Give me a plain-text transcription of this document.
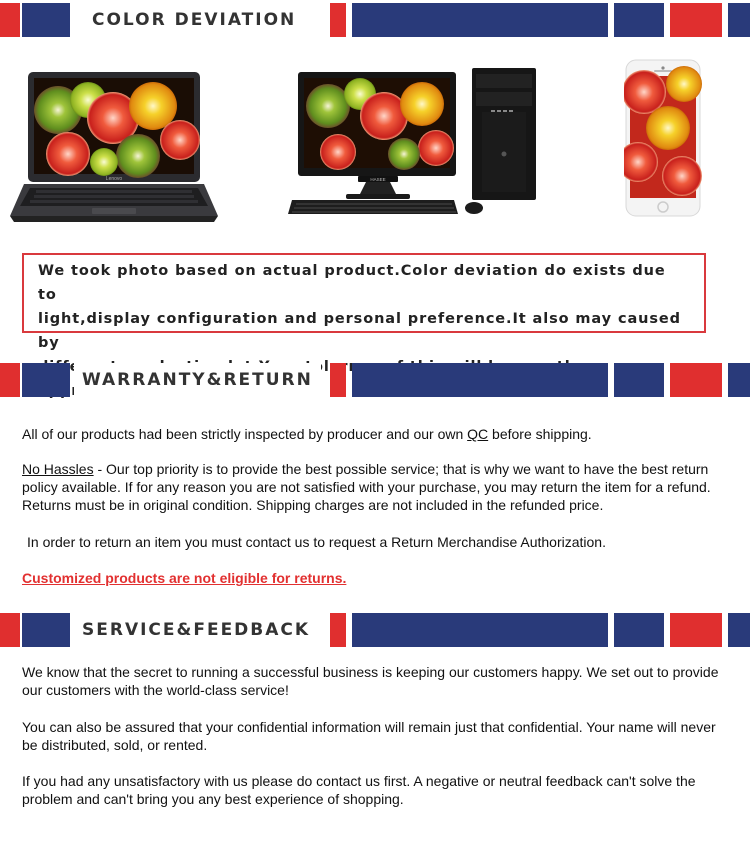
COLOR DEVIATION
Lenovo	HASEE
We took photo based on actual product.Color deviation do exists due to
light,display configuration and personal preference.It also may caused by
WARRANTY&RETURN
All of our products had been strictly inspected by producer and our own QC before shipping.
No Hassles - Our top priority is to provide the best possible service; that is why we want to have the best return policy available. If for any reason you are not satisfied with your purchase, you may return the item for a refund. Returns must be in original condition. Shipping charges are not included in the refunded price.
In order to return an item you must contact us to request a Return Merchandise Authorization.
Customized products are not eligible for returns.
SERVICE&FEEDBACK
We know that the secret to running a successful business is keeping our customers happy. We set out to provide our customers with the world-class service!
You can also be assured that your confidential information will remain just that confidential. Your name will never be distributed, sold, or rented.
If you had any unsatisfactory with us please do contact us first. A negative or neutral feedback can't solve the problem and can't bring you any best experience of shopping.
